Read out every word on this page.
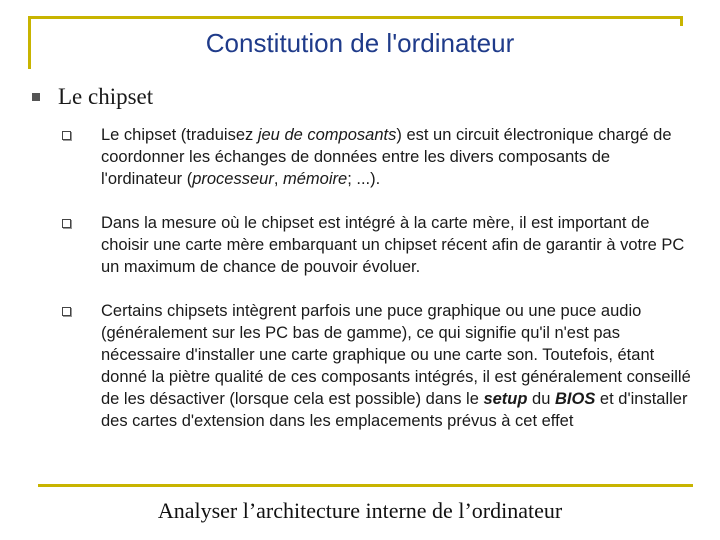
Constitution de l'ordinateur
Le chipset
Le chipset (traduisez jeu de composants) est un circuit électronique chargé de coordonner les échanges de données entre les divers composants de l'ordinateur (processeur, mémoire; ...).
Dans la mesure où le chipset est intégré à la carte mère, il est important de choisir une carte mère embarquant un chipset récent afin de garantir à votre PC un maximum de chance de pouvoir évoluer.
Certains chipsets intègrent parfois une puce graphique ou une puce audio (généralement sur les PC bas de gamme), ce qui signifie qu'il n'est pas nécessaire d'installer une carte graphique ou une carte son. Toutefois, étant donné la piètre qualité de ces composants intégrés, il est généralement conseillé de les désactiver (lorsque cela est possible) dans le setup du BIOS et d'installer des cartes d'extension dans les emplacements prévus à cet effet
Analyser l’architecture interne de l’ordinateur
